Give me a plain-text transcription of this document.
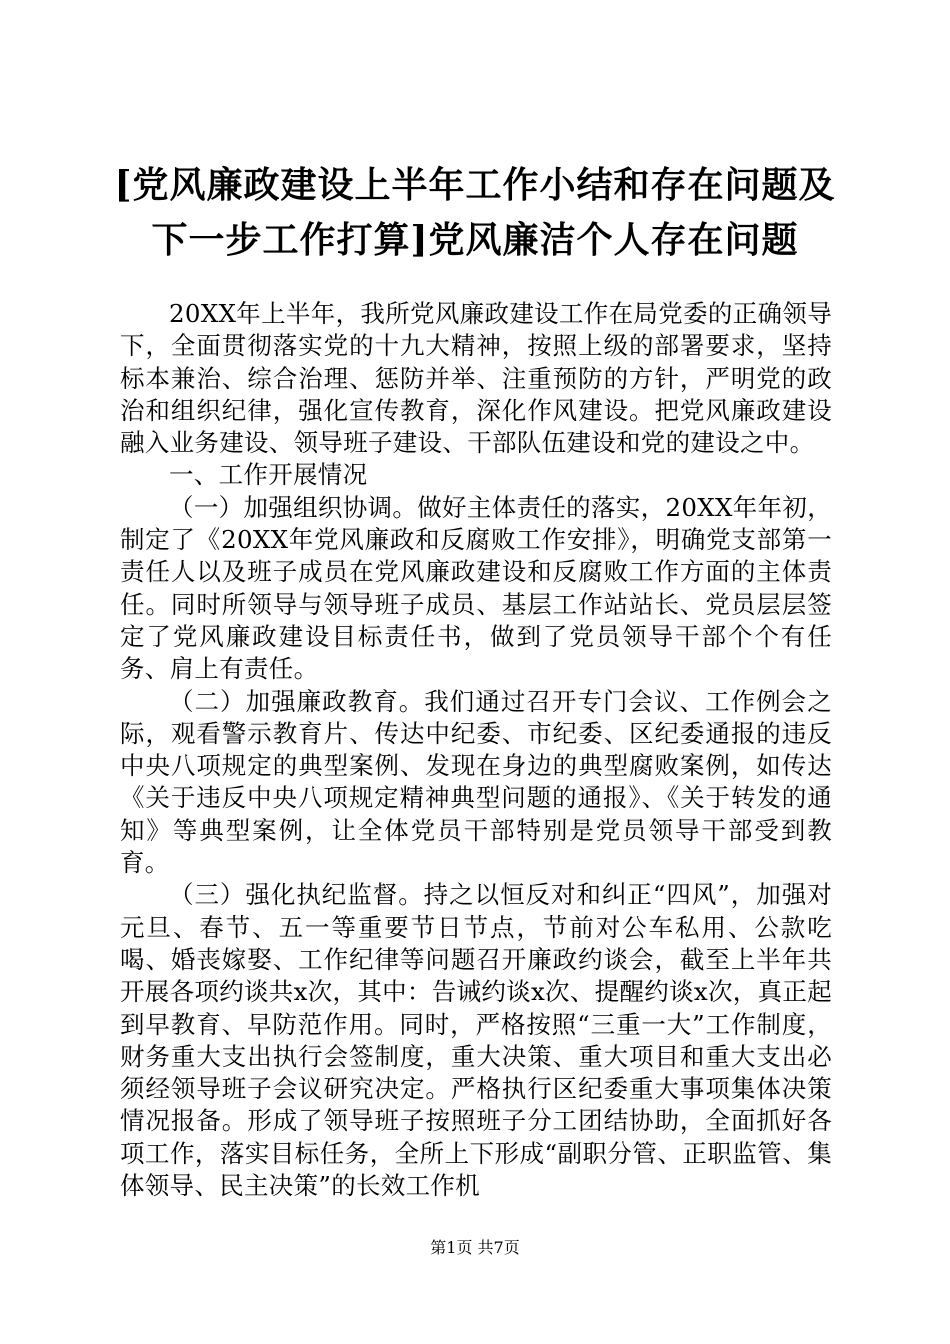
[党风廉政建设上半年工作小结和存在问题及
下一步工作打算]党风廉洁个人存在问题

20XX年上半年，我所党风廉政建设工作在局党委的正确领导下，全面贯彻落实党的十九大精神，按照上级的部署要求，坚持标本兼治、综合治理、惩防并举、注重预防的方针，严明党的政治和组织纪律，强化宣传教育，深化作风建设。把党风廉政建设融入业务建设、领导班子建设、干部队伍建设和党的建设之中。

一、工作开展情况

（一）加强组织协调。做好主体责任的落实，20XX年年初，制定了《20XX年党风廉政和反腐败工作安排》，明确党支部第一责任人以及班子成员在党风廉政建设和反腐败工作方面的主体责任。同时所领导与领导班子成员、基层工作站站长、党员层层签定了党风廉政建设目标责任书，做到了党员领导干部个个有任务、肩上有责任。

（二）加强廉政教育。我们通过召开专门会议、工作例会之际，观看警示教育片、传达中纪委、市纪委、区纪委通报的违反中央八项规定的典型案例、发现在身边的典型腐败案例，如传达《关于违反中央八项规定精神典型问题的通报》、《关于转发的通知》等典型案例，让全体党员干部特别是党员领导干部受到教育。

（三）强化执纪监督。持之以恒反对和纠正“四风”，加强对元旦、春节、五一等重要节日节点，节前对公车私用、公款吃喝、婚丧嫁娶、工作纪律等问题召开廉政约谈会，截至上半年共开展各项约谈共x次，其中：告诫约谈x次、提醒约谈x次，真正起到早教育、早防范作用。同时，严格按照“三重一大”工作制度，财务重大支出执行会签制度，重大决策、重大项目和重大支出必须经领导班子会议研究决定。严格执行区纪委重大事项集体决策情况报备。形成了领导班子按照班子分工团结协助，全面抓好各项工作，落实目标任务，全所上下形成“副职分管、正职监管、集体领导、民主决策”的长效工作机

第1页 共7页
